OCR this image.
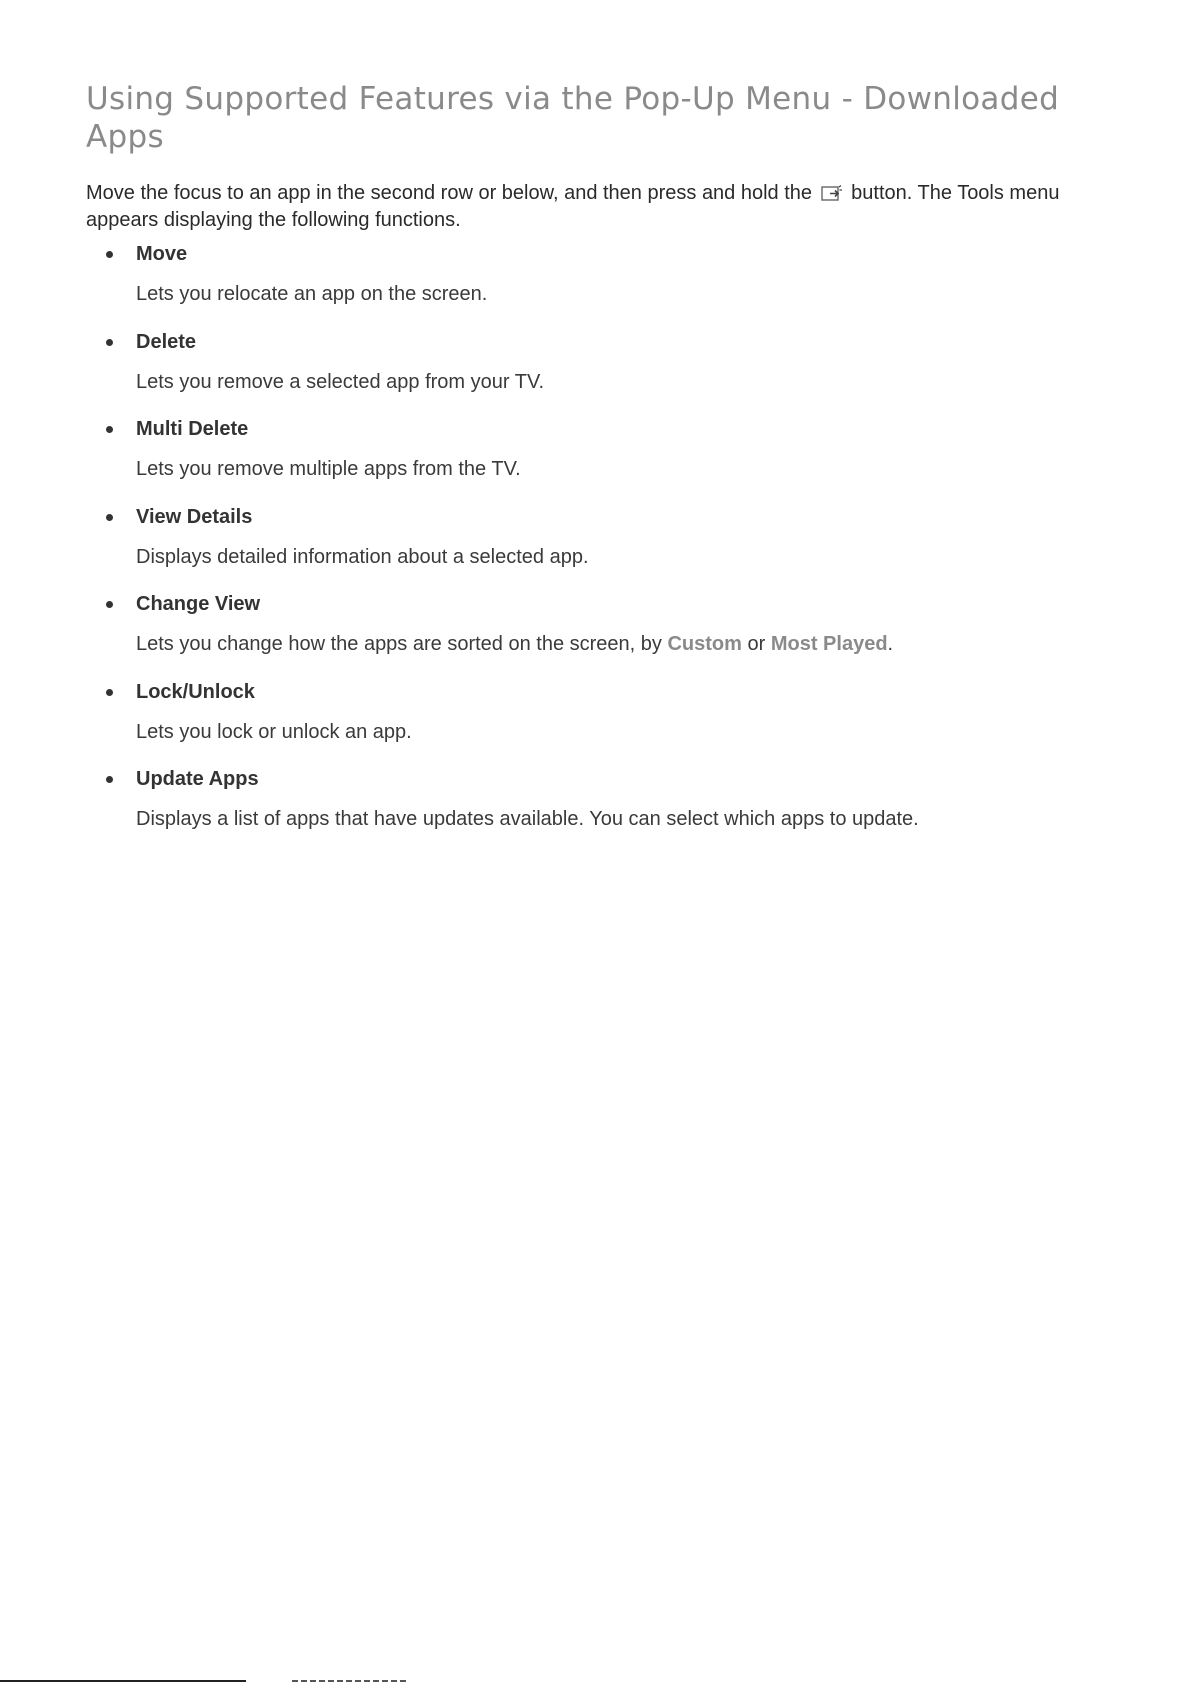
Using Supported Features via the Pop-Up Menu - Downloaded Apps

Move the focus to an app in the second row or below, and then press and hold the button. The Tools menu appears displaying the following functions.

Move
Lets you relocate an app on the screen.
Delete
Lets you remove a selected app from your TV.
Multi Delete
Lets you remove multiple apps from the TV.
View Details
Displays detailed information about a selected app.
Change View
Lets you change how the apps are sorted on the screen, by Custom or Most Played.
Lock/Unlock
Lets you lock or unlock an app.
Update Apps
Displays a list of apps that have updates available. You can select which apps to update.
